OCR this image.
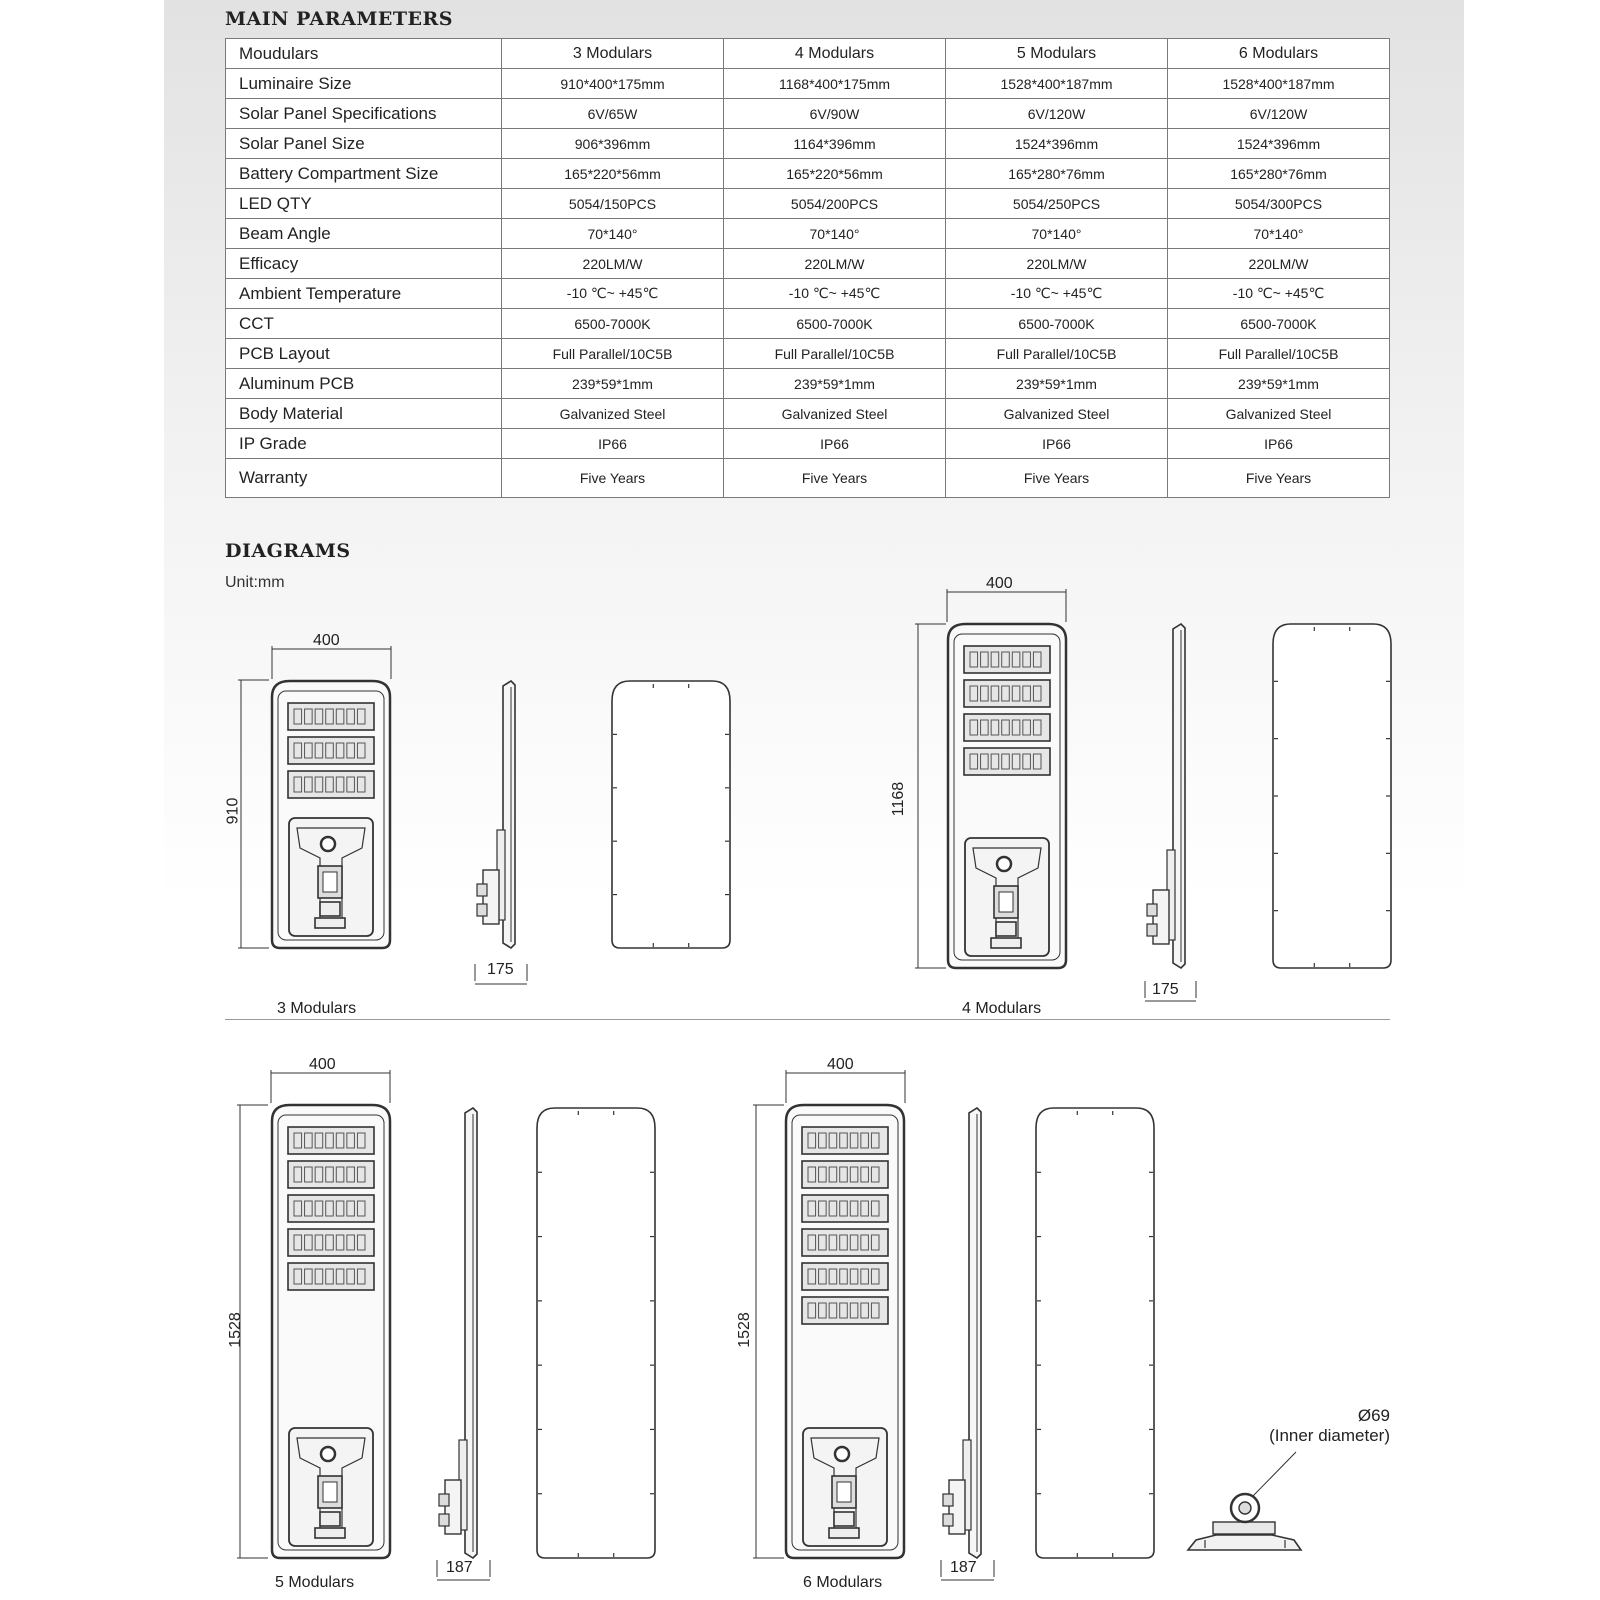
MAIN PARAMETERS
Moudulars	3 Modulars	4 Modulars	5 Modulars	6 Modulars
Luminaire Size	910*400*175mm	1168*400*175mm	1528*400*187mm	1528*400*187mm
Solar Panel Specifications	6V/65W	6V/90W	6V/120W	6V/120W
Solar Panel Size	906*396mm	1164*396mm	1524*396mm	1524*396mm
Battery Compartment Size	165*220*56mm	165*220*56mm	165*280*76mm	165*280*76mm
LED QTY	5054/150PCS	5054/200PCS	5054/250PCS	5054/300PCS
Beam Angle	70*140°	70*140°	70*140°	70*140°
Efficacy	220LM/W	220LM/W	220LM/W	220LM/W
Ambient Temperature	-10 ℃~ +45℃	-10 ℃~ +45℃	-10 ℃~ +45℃	-10 ℃~ +45℃
CCT	6500-7000K	6500-7000K	6500-7000K	6500-7000K
PCB Layout	Full Parallel/10C5B	Full Parallel/10C5B	Full Parallel/10C5B	Full Parallel/10C5B
Aluminum PCB	239*59*1mm	239*59*1mm	239*59*1mm	239*59*1mm
Body Material	Galvanized Steel	Galvanized Steel	Galvanized Steel	Galvanized Steel
IP Grade	IP66	IP66	IP66	IP66
Warranty	Five Years	Five Years	Five Years	Five Years
DIAGRAMS
Unit:mm
400
910
175
3 Modulars
400
1168
175
4 Modulars
400
1528
187
5 Modulars
400
1528
187
6 Modulars
Ø69
(Inner diameter)
